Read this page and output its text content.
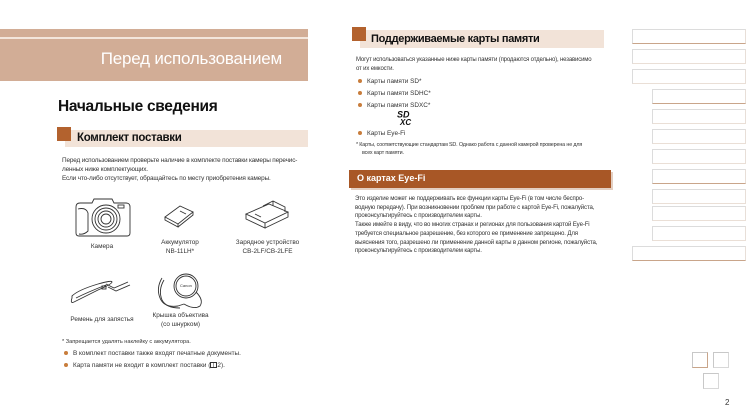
Перед использованием
Начальные сведения
Комплект поставки
Перед использованием проверьте наличие в комплекте поставки камеры перечис-
ленных ниже комплектующих.
Если что-либо отсутствует, обращайтесь по месту приобретения камеры.
Камера
Аккумулятор
NB-11LH*
Зарядное устройство
CB-2LF/CB-2LFE
Ремень для запястья
Canon
Крышка объектива
(со шнурком)
* Запрещается удалять наклейку с аккумулятора.
В комплект поставки также входят печатные документы.
Карта памяти не входит в комплект поставки ( 2).
Поддерживаемые карты памяти
Могут использоваться указанные ниже карты памяти (продаются отдельно), независимо
от их емкости.
Карты памяти SD*
Карты памяти SDHC*
Карты памяти SDXC*
SD
XC
Карты Eye-Fi
* Карты, соответствующие стандартам SD. Однако работа с данной камерой проверена не для
всех карт памяти.
О картах Eye-Fi
Это изделие может не поддерживать все функции карты Eye-Fi (в том числе беспро-
водную передачу). При возникновении проблем при работе с картой Eye-Fi, пожалуйста,
проконсультируйтесь с производителем карты.
Также имейте в виду, что во многих странах и регионах для пользования картой Eye-Fi
требуется специальное разрешение, без которого ее применение запрещено. Для
выяснения того, разрешено ли применение данной карты в данном регионе, пожалуйста,
проконсультируйтесь с производителем карты.
2
